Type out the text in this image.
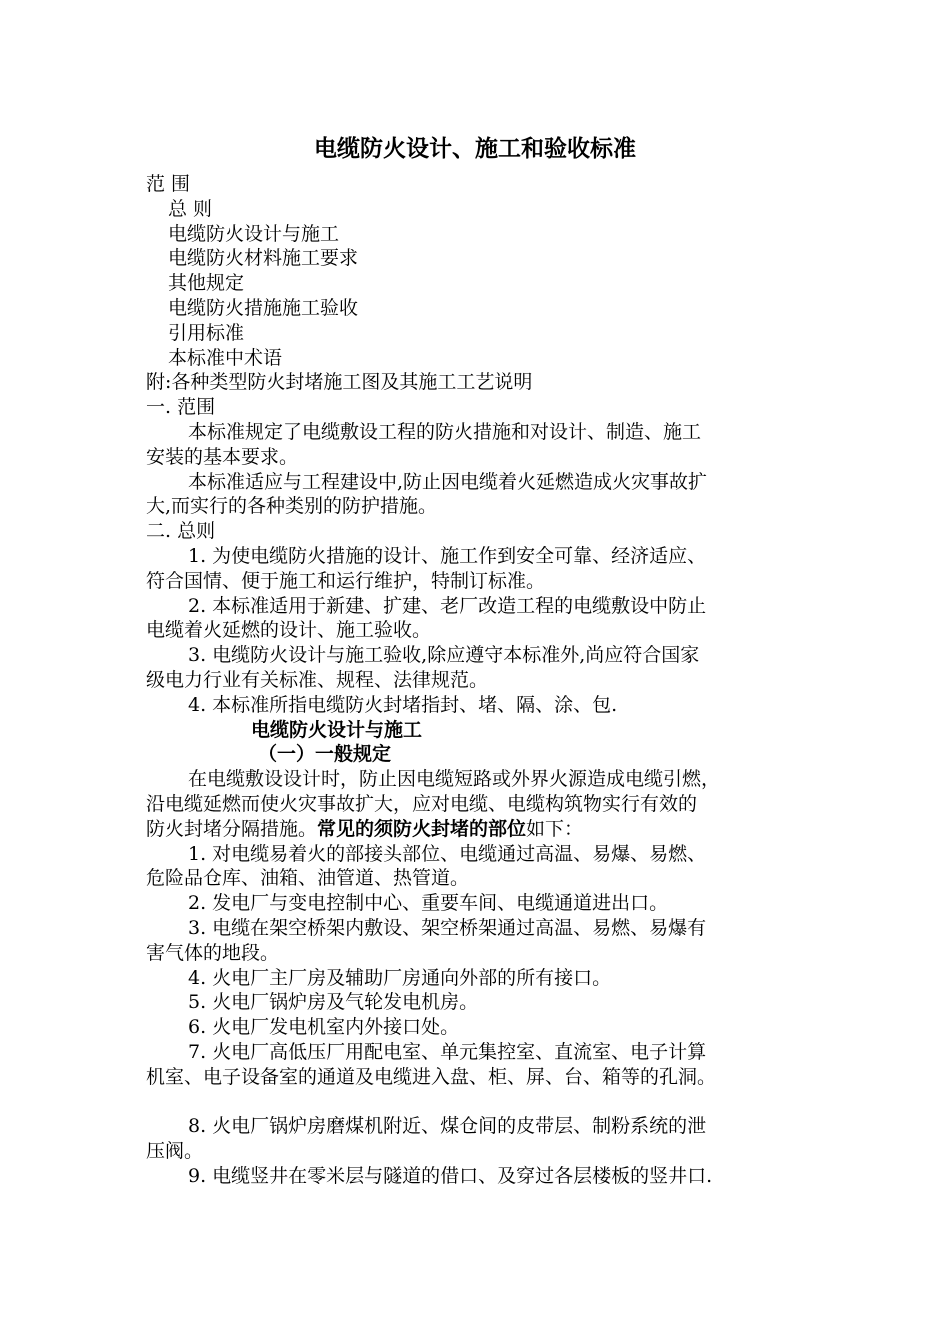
电缆防火设计、施工和验收标准
范 围
总 则
电缆防火设计与施工
电缆防火材料施工要求
其他规定
电缆防火措施施工验收
引用标准
本标准中术语
附:各种类型防火封堵施工图及其施工工艺说明
一. 范围
本标准规定了电缆敷设工程的防火措施和对设计、制造、施工
安装的基本要求。
本标准适应与工程建设中,防止因电缆着火延燃造成火灾事故扩
大,而实行的各种类别的防护措施。
二. 总则
1. 为使电缆防火措施的设计、施工作到安全可靠、经济适应、
符合国情、便于施工和运行维护，特制订标准。
2. 本标准适用于新建、扩建、老厂改造工程的电缆敷设中防止
电缆着火延燃的设计、施工验收。
3. 电缆防火设计与施工验收,除应遵守本标准外,尚应符合国家
级电力行业有关标准、规程、法律规范。
4. 本标准所指电缆防火封堵指封、堵、隔、涂、包.
电缆防火设计与施工
（一）一般规定
在电缆敷设设计时，防止因电缆短路或外界火源造成电缆引燃，
沿电缆延燃而使火灾事故扩大，应对电缆、电缆构筑物实行有效的
防火封堵分隔措施。常见的须防火封堵的部位如下：
1. 对电缆易着火的部接头部位、电缆通过高温、易爆、易燃、
危险品仓库、油箱、油管道、热管道。
2. 发电厂与变电控制中心、重要车间、电缆通道进出口。
3. 电缆在架空桥架内敷设、架空桥架通过高温、易燃、易爆有
害气体的地段。
4. 火电厂主厂房及辅助厂房通向外部的所有接口。
5. 火电厂锅炉房及气轮发电机房。
6. 火电厂发电机室内外接口处。
7. 火电厂高低压厂用配电室、单元集控室、直流室、电子计算
机室、电子设备室的通道及电缆进入盘、柜、屏、台、箱等的孔洞。
8. 火电厂锅炉房磨煤机附近、煤仓间的皮带层、制粉系统的泄
压阀。
9. 电缆竖井在零米层与隧道的借口、及穿过各层楼板的竖井口.
